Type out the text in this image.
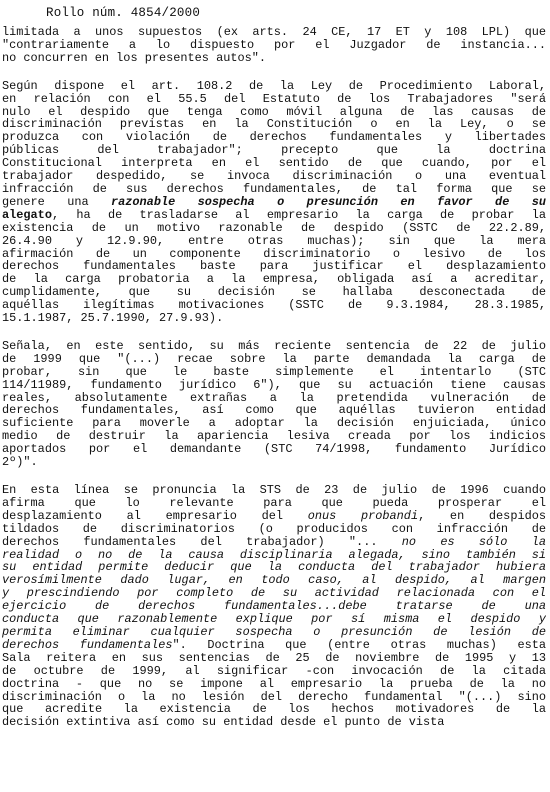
Rollo núm. 4854/2000
limitada a unos supuestos (ex arts. 24 CE, 17 ET y 108 LPL) que
"contrariamente a lo dispuesto por el Juzgador de instancia...
no concurren en los presentes autos".
Según dispone el art. 108.2 de la Ley de Procedimiento Laboral,
en relación con el 55.5 del Estatuto de los Trabajadores "será
nulo el despido que tenga como móvil alguna de las causas de
discriminación previstas en la Constitución o en la Ley, o se
produzca con violación de derechos fundamentales y libertades
públicas del trabajador"; precepto que la doctrina
Constitucional interpreta en el sentido de que cuando, por el
trabajador despedido, se invoca discriminación o una eventual
infracción de sus derechos fundamentales, de tal forma que se
genere una razonable sospecha o presunción en favor de su
alegato, ha de trasladarse al empresario la carga de probar la
existencia de un motivo razonable de despido (SSTC de 22.2.89,
26.4.90 y 12.9.90, entre otras muchas); sin que la mera
afirmación de un componente discriminatorio o lesivo de los
derechos fundamentales baste para justificar el desplazamiento
de la carga probatoria a la empresa, obligada así a acreditar,
cumplidamente, que su decisión se hallaba desconectada de
aquéllas ilegítimas motivaciones (SSTC de 9.3.1984, 28.3.1985,
15.1.1987, 25.7.1990, 27.9.93).
Señala, en este sentido, su más reciente sentencia de 22 de julio
de 1999 que "(...) recae sobre la parte demandada la carga de
probar, sin que le baste simplemente el intentarlo (STC
114/11989, fundamento jurídico 6"), que su actuación tiene causas
reales, absolutamente extrañas a la pretendida vulneración de
derechos fundamentales, así como que aquéllas tuvieron entidad
suficiente para moverle a adoptar la decisión enjuiciada, único
medio de destruir la apariencia lesiva creada por los indicios
aportados por el demandante (STC 74/1998, fundamento Jurídico
2º)".
En esta línea se pronuncia la STS de 23 de julio de 1996 cuando
afirma que lo relevante para que pueda prosperar el
desplazamiento al empresario del onus probandi, en despidos
tildados de discriminatorios (o producidos con infracción de
derechos fundamentales del trabajador) "... no es sólo la
realidad o no de la causa disciplinaria alegada, sino también si
su entidad permite deducir que la conducta del trabajador hubiera
verosímilmente dado lugar, en todo caso, al despido, al margen
y prescindiendo por completo de su actividad relacionada con el
ejercicio de derechos fundamentales...debe tratarse de una
conducta que razonablemente explique por sí misma el despido y
permita eliminar cualquier sospecha o presunción de lesión de
derechos fundamentales". Doctrina que (entre otras muchas) esta
Sala reitera en sus sentencias de 25 de noviembre de 1995 y 13
de octubre de 1999, al significar -con invocación de la citada
doctrina - que no se impone al empresario la prueba de la no
discriminación o la no lesión del derecho fundamental "(...) sino
que acredite la existencia de los hechos motivadores de la
decisión extintiva así como su entidad desde el punto de vista
